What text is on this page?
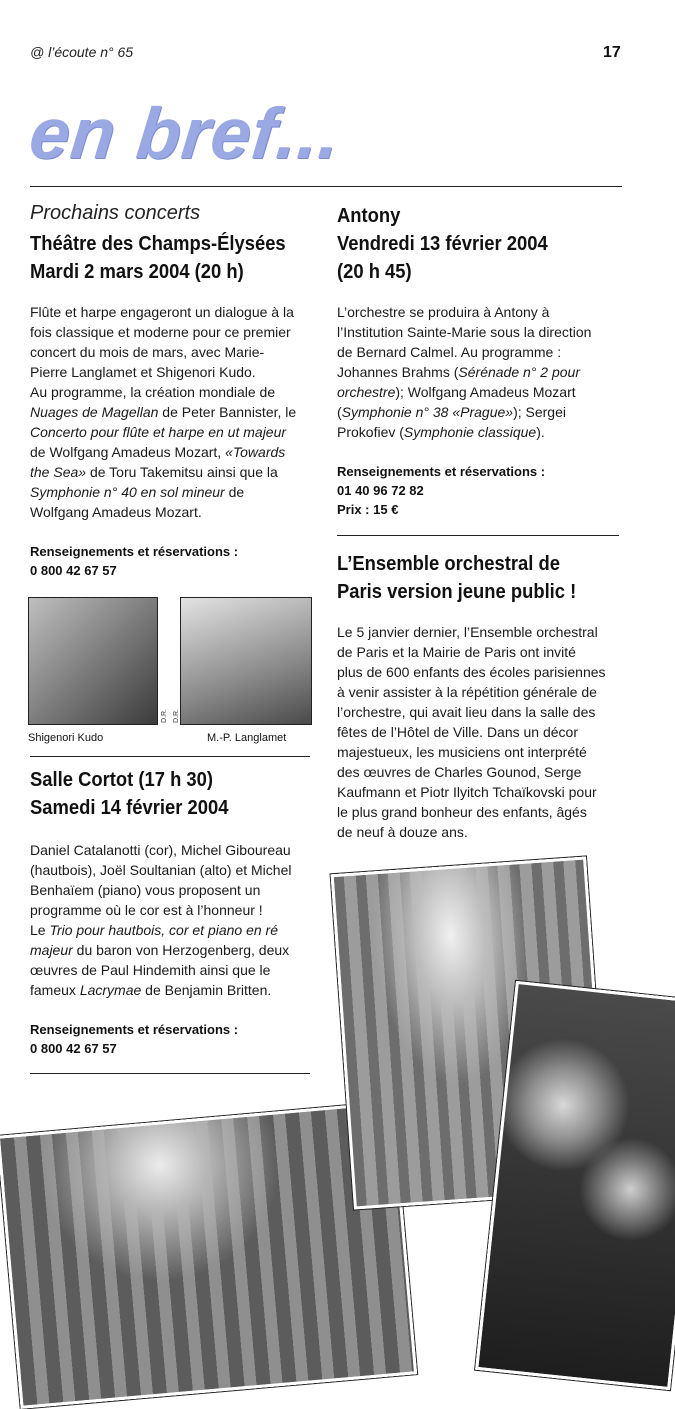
@ l’écoute n° 65	17
en bref...
Prochains concerts
Théâtre des Champs-Élysées
Mardi 2 mars 2004 (20 h)
Flûte et harpe engageront un dialogue à la
fois classique et moderne pour ce premier
concert du mois de mars, avec Marie-
Pierre Langlamet et Shigenori Kudo.
Au programme, la création mondiale de
Nuages de Magellan de Peter Bannister, le
Concerto pour flûte et harpe en ut majeur
de Wolfgang Amadeus Mozart, «Towards
the Sea» de Toru Takemitsu ainsi que la
Symphonie n° 40 en sol mineur de
Wolfgang Amadeus Mozart.
Renseignements et réservations :
0 800 42 67 57
D.R. D.R.
Shigenori Kudo	M.-P. Langlamet
Salle Cortot (17 h 30)
Samedi 14 février 2004
Daniel Catalanotti (cor), Michel Giboureau
(hautbois), Joël Soultanian (alto) et Michel
Benhaïem (piano) vous proposent un
programme où le cor est à l’honneur !
Le Trio pour hautbois, cor et piano en ré
majeur du baron von Herzogenberg, deux
œuvres de Paul Hindemith ainsi que le
fameux Lacrymae de Benjamin Britten.
Renseignements et réservations :
0 800 42 67 57
Antony
Vendredi 13 février 2004
(20 h 45)
L’orchestre se produira à Antony à
l’Institution Sainte-Marie sous la direction
de Bernard Calmel. Au programme :
Johannes Brahms (Sérénade n° 2 pour
orchestre); Wolfgang Amadeus Mozart
(Symphonie n° 38 «Prague»); Sergei
Prokofiev (Symphonie classique).
Renseignements et réservations :
01 40 96 72 82
Prix : 15 €
L’Ensemble orchestral de
Paris version jeune public !
Le 5 janvier dernier, l’Ensemble orchestral
de Paris et la Mairie de Paris ont invité
plus de 600 enfants des écoles parisiennes
à venir assister à la répétition générale de
l’orchestre, qui avait lieu dans la salle des
fêtes de l’Hôtel de Ville. Dans un décor
majestueux, les musiciens ont interprété
des œuvres de Charles Gounod, Serge
Kaufmann et Piotr Ilyitch Tchaïkovski pour
le plus grand bonheur des enfants, âgés
de neuf à douze ans.
